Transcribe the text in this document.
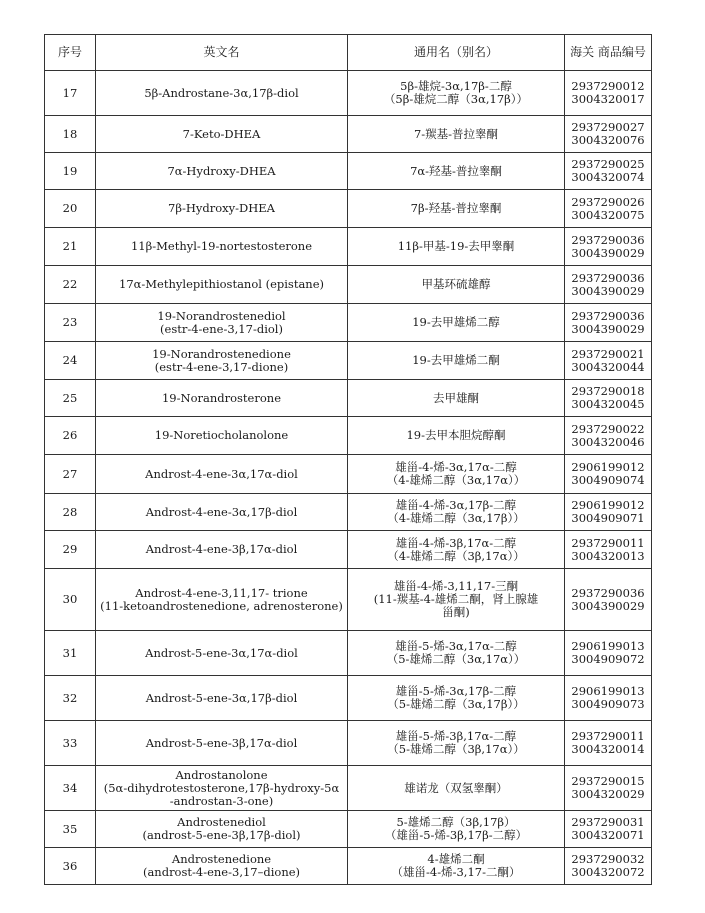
序号	英文名	通用名（别名）	海关 商品编号
17	5β-Androstane-3α,17β-diol	5β-雄烷-3α,17β-二醇
（5β-雄烷二醇（3α,17β））	2937290012
3004320017

18	7-Keto-DHEA	7-羰基-普拉睾酮	2937290027
3004320076

19	7α-Hydroxy-DHEA	7α-羟基-普拉睾酮	2937290025
3004320074

20	7β-Hydroxy-DHEA	7β-羟基-普拉睾酮	2937290026
3004320075

21	11β-Methyl-19-nortestosterone	11β-甲基-19-去甲睾酮	2937290036
3004390029

22	17α-Methylepithiostanol (epistane)	甲基环硫雄醇	2937290036
3004390029

23	19-Norandrostenediol
(estr-4-ene-3,17-diol)	19-去甲雄烯二醇	2937290036
3004390029

24	19-Norandrostenedione
(estr-4-ene-3,17-dione)	19-去甲雄烯二酮	2937290021
3004320044

25	19-Norandrosterone	去甲雄酮	2937290018
3004320045

26	19-Noretiocholanolone	19-去甲本胆烷醇酮	2937290022
3004320046

27	Androst-4-ene-3α,17α-diol	雄甾-4-烯-3α,17α-二醇
（4-雄烯二醇（3α,17α））	2906199012
3004909074

28	Androst-4-ene-3α,17β-diol	雄甾-4-烯-3α,17β-二醇
（4-雄烯二醇（3α,17β））	2906199012
3004909071

29	Androst-4-ene-3β,17α-diol	雄甾-4-烯-3β,17α-二醇
（4-雄烯二醇（3β,17α））	2937290011
3004320013

30	Androst-4-ene-3,11,17- trione
(11-ketoandrostenedione, adrenosterone)	雄甾-4-烯-3,11,17-三酮
(11-羰基-4-雄烯二酮，肾上腺雄
甾酮)	2937290036
3004390029

31	Androst-5-ene-3α,17α-diol	雄甾-5-烯-3α,17α-二醇
（5-雄烯二醇（3α,17α））	2906199013
3004909072

32	Androst-5-ene-3α,17β-diol	雄甾-5-烯-3α,17β-二醇
（5-雄烯二醇（3α,17β））	2906199013
3004909073

33	Androst-5-ene-3β,17α-diol	雄甾-5-烯-3β,17α-二醇
（5-雄烯二醇（3β,17α））	2937290011
3004320014

34	Androstanolone
(5α-dihydrotestosterone,17β-hydroxy-5α
-androstan-3-one)	雄诺龙（双氢睾酮）	2937290015
3004320029

35	Androstenediol
(androst-5-ene-3β,17β-diol)	5-雄烯二醇（3β,17β）
（雄甾-5-烯-3β,17β-二醇）	2937290031
3004320071

36	Androstenedione
(androst-4-ene-3,17–dione)	4-雄烯二酮
（雄甾-4-烯-3,17-二酮）	2937290032
3004320072
